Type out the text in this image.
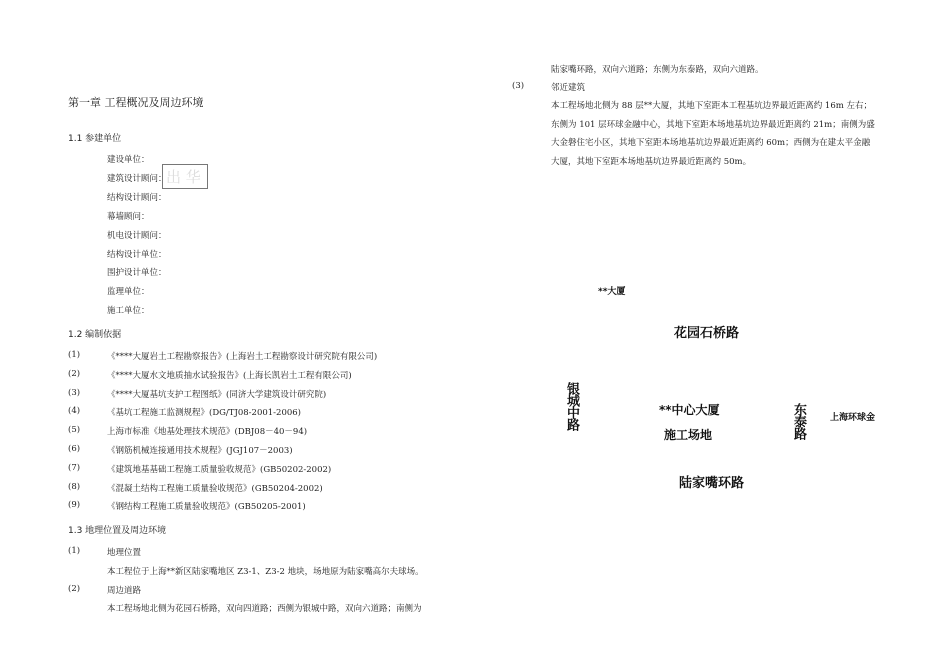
第一章 工程概况及周边环境
1.1 参建单位
建设单位：
建筑设计顾问：
结构设计顾问：
幕墙顾问：
机电设计顾问：
结构设计单位：
围护设计单位：
监理单位：
施工单位：
出 华
1.2 编制依据
(1)	《****大厦岩土工程勘察报告》(上海岩土工程勘察设计研究院有限公司)
(2)	《****大厦水文地质抽水试验报告》(上海长凯岩土工程有限公司)
(3)	《****大厦基坑支护工程图纸》(同济大学建筑设计研究院)
(4)	《基坑工程施工监测规程》(DG/TJ08-2001-2006)
(5)	上海市标准《地基处理技术规范》(DBJ08－40－94)
(6)	《钢筋机械连接通用技术规程》(JGJ107－2003)
(7)	《建筑地基基础工程施工质量验收规范》(GB50202-2002)
(8)	《混凝土结构工程施工质量验收规范》(GB50204-2002)
(9)	《钢结构工程施工质量验收规范》(GB50205-2001)
1.3 地理位置及周边环境
(1)	地理位置
本工程位于上海**新区陆家嘴地区 Z3-1、Z3-2 地块，场地原为陆家嘴高尔夫球场。
(2)	周边道路
本工程场地北侧为花园石桥路，双向四道路；西侧为银城中路，双向六道路；南侧为
陆家嘴环路，双向六道路；东侧为东泰路，双向六道路。
(3)	邻近建筑
本工程场地北侧为 88 层**大厦，其地下室距本工程基坑边界最近距离约 16m 左右；
东侧为 101 层环球金融中心，其地下室距本场地基坑边界最近距离约 21m；南侧为盛
大金磐住宅小区，其地下室距本场地基坑边界最近距离约 60m；西侧为在建太平金融
大厦，其地下室距本场地基坑边界最近距离约 50m。
**大厦
花园石桥路
银城中路	**中心大厦
施工场地	东泰路	上海环球金
陆家嘴环路
